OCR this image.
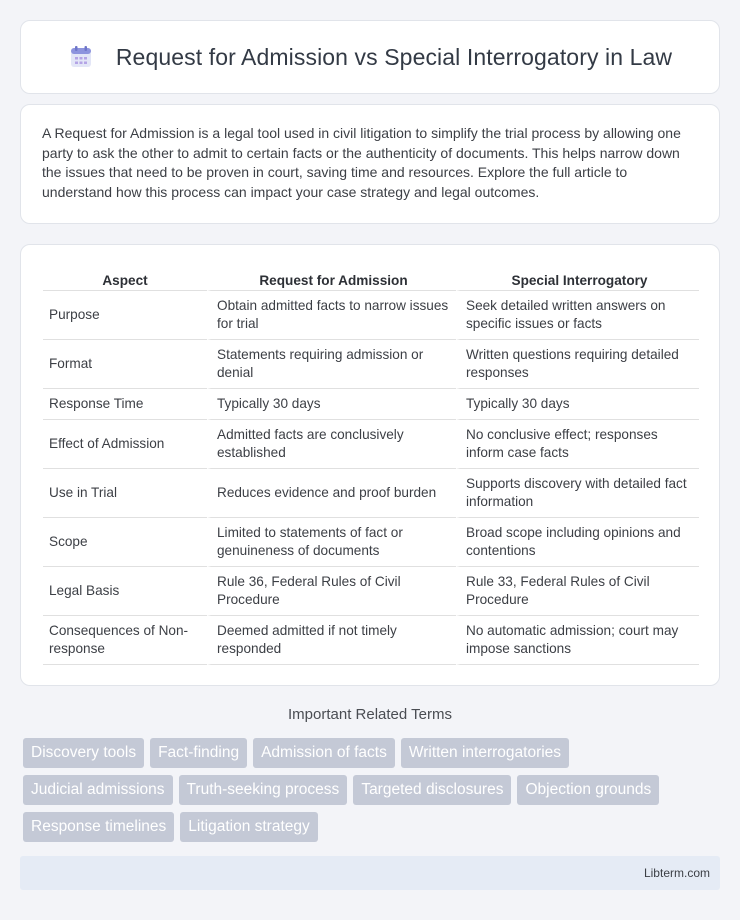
Request for Admission vs Special Interrogatory in Law

A Request for Admission is a legal tool used in civil litigation to simplify the trial process by allowing one party to ask the other to admit to certain facts or the authenticity of documents. This helps narrow down the issues that need to be proven in court, saving time and resources. Explore the full article to understand how this process can impact your case strategy and legal outcomes.

Aspect	Request for Admission	Special Interrogatory
Purpose	Obtain admitted facts to narrow issues for trial	Seek detailed written answers on specific issues or facts
Format	Statements requiring admission or denial	Written questions requiring detailed responses
Response Time	Typically 30 days	Typically 30 days
Effect of Admission	Admitted facts are conclusively established	No conclusive effect; responses inform case facts
Use in Trial	Reduces evidence and proof burden	Supports discovery with detailed fact information
Scope	Limited to statements of fact or genuineness of documents	Broad scope including opinions and contentions
Legal Basis	Rule 36, Federal Rules of Civil Procedure	Rule 33, Federal Rules of Civil Procedure
Consequences of Non-response	Deemed admitted if not timely responded	No automatic admission; court may impose sanctions
Important Related Terms
Discovery tools	Fact-finding	Admission of facts	Written interrogatories
Judicial admissions	Truth-seeking process	Targeted disclosures	Objection grounds
Response timelines	Litigation strategy
Libterm.com
